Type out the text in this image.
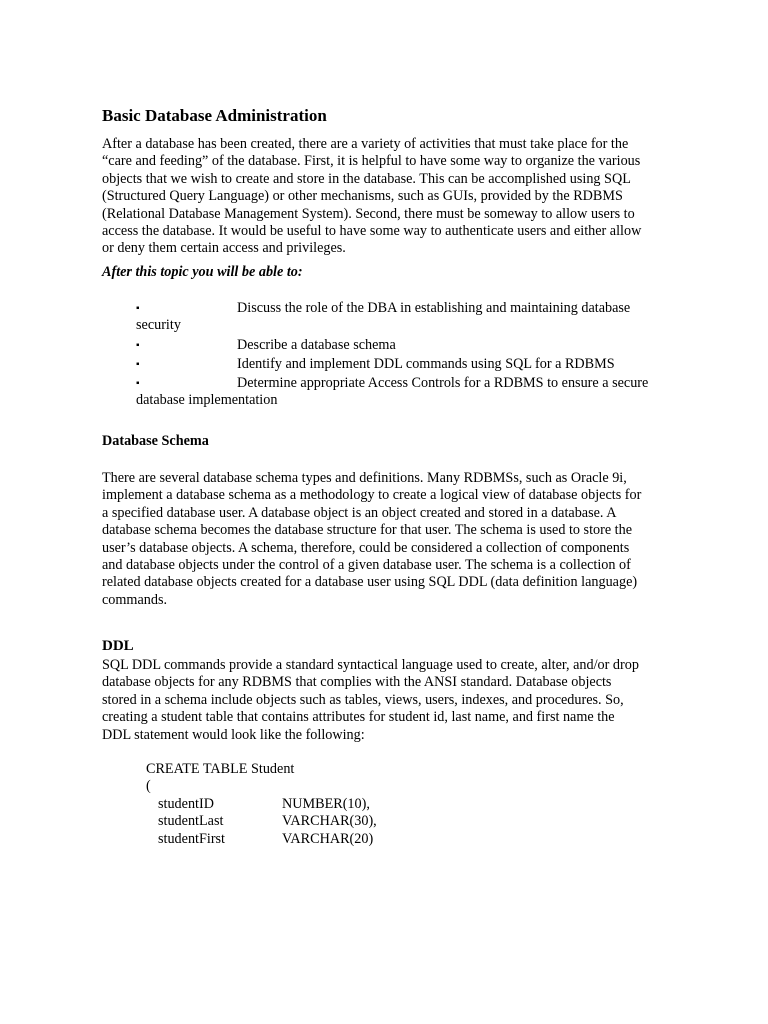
Basic Database Administration

After a database has been created, there are a variety of activities that must take place for the
“care and feeding” of the database. First, it is helpful to have some way to organize the various
objects that we wish to create and store in the database. This can be accomplished using SQL
(Structured Query Language) or other mechanisms, such as GUIs, provided by the RDBMS
(Relational Database Management System). Second, there must be someway to allow users to
access the database. It would be useful to have some way to authenticate users and either allow
or deny them certain access and privileges.

After this topic you will be able to:

▪	Discuss the role of the DBA in establishing and maintaining database
security
▪	Describe a database schema
▪	Identify and implement DDL commands using SQL for a RDBMS
▪	Determine appropriate Access Controls for a RDBMS to ensure a secure
database implementation
Database Schema

There are several database schema types and definitions. Many RDBMSs, such as Oracle 9i,
implement a database schema as a methodology to create a logical view of database objects for
a specified database user. A database object is an object created and stored in a database. A
database schema becomes the database structure for that user. The schema is used to store the
user’s database objects. A schema, therefore, could be considered a collection of components
and database objects under the control of a given database user. The schema is a collection of
related database objects created for a database user using SQL DDL (data definition language)
commands.

DDL

SQL DDL commands provide a standard syntactical language used to create, alter, and/or drop
database objects for any RDBMS that complies with the ANSI standard. Database objects
stored in a schema include objects such as tables, views, users, indexes, and procedures. So,
creating a student table that contains attributes for student id, last name, and first name the
DDL statement would look like the following:

CREATE TABLE Student
(
studentID	NUMBER(10),
studentLast	VARCHAR(30),
studentFirst	VARCHAR(20)
